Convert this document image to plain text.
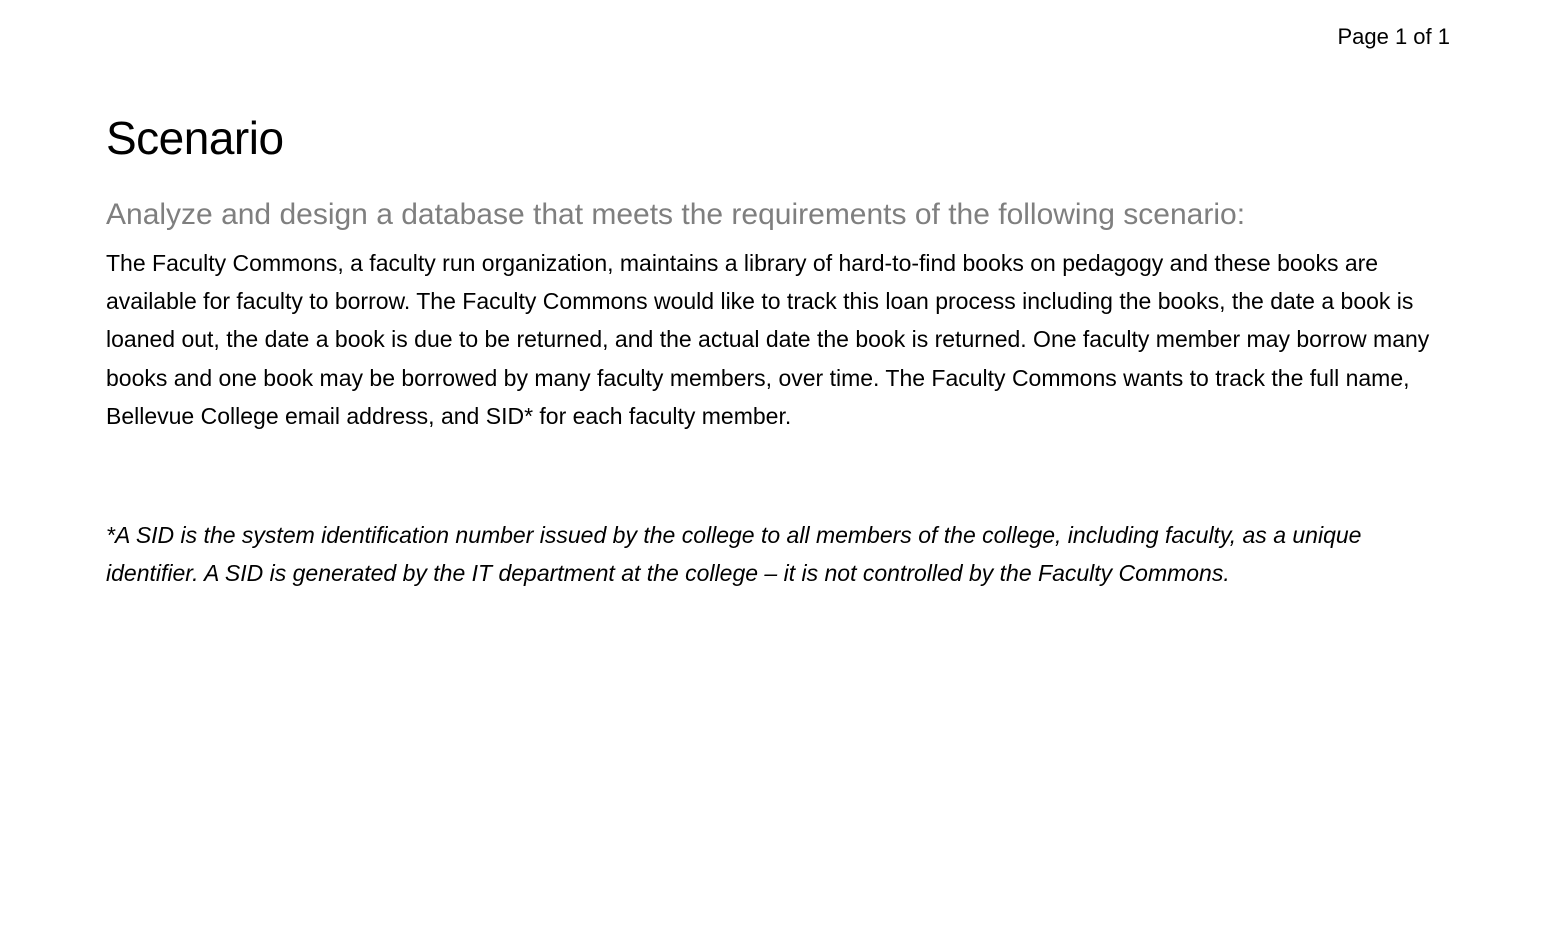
Page 1 of 1
Scenario
Analyze and design a database that meets the requirements of the following scenario:

The Faculty Commons, a faculty run organization, maintains a library of hard-to-find books on pedagogy and these books are available for faculty to borrow. The Faculty Commons would like to track this loan process including the books, the date a book is loaned out, the date a book is due to be returned, and the actual date the book is returned. One faculty member may borrow many books and one book may be borrowed by many faculty members, over time. The Faculty Commons wants to track the full name, Bellevue College email address, and SID* for each faculty member.

*A SID is the system identification number issued by the college to all members of the college, including faculty, as a unique identifier. A SID is generated by the IT department at the college – it is not controlled by the Faculty Commons.
